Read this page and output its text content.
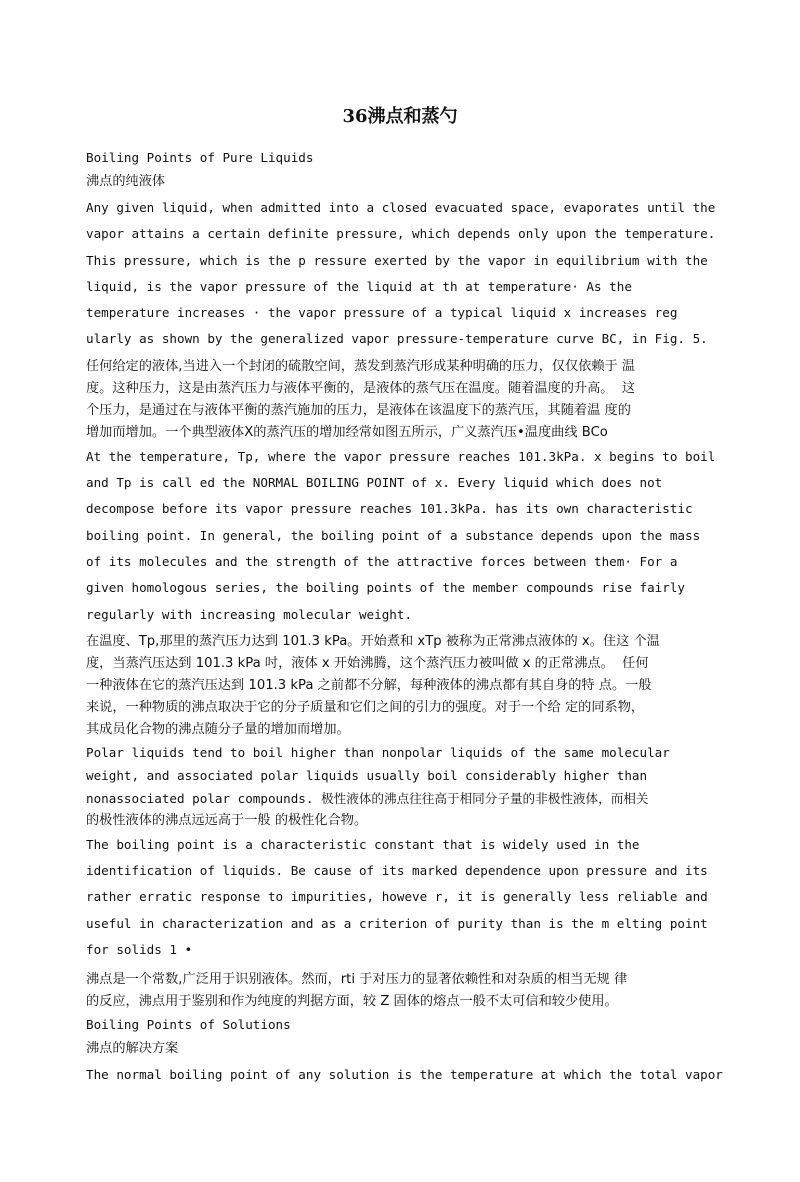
36沸点和蒸勺

Boiling Points of Pure Liquids

沸点的纯液体

Any given liquid, when admitted into a closed evacuated space, evaporates until the

vapor attains a certain definite pressure, which depends only upon the temperature.

This pressure, which is the p ressure exerted by the vapor in equilibrium with the

liquid, is the vapor pressure of the liquid at th at temperature· As the

temperature increases · the vapor pressure of a typical liquid x increases reg

ularly as shown by the generalized vapor pressure-temperature curve BC, in Fig. 5.

任何给定的液体,当进入一个封闭的硫散空间，蒸发到蒸汽形成某种明确的压力，仅仅依赖于 温

度。这种压力，这是由蒸汽压力与液体平衡的，是液体的蒸气压在温度。随着温度的升高。  这

个压力，是通过在与液体平衡的蒸汽施加的压力，是液体在该温度下的蒸汽压，其随着温 度的

增加而增加。一个典型液体X的蒸汽压的增加经常如图五所示，广义蒸汽压•温度曲线 BCo

At the temperature, Tp, where the vapor pressure reaches 101.3kPa. x begins to boil

and Tp is call ed the NORMAL BOILING POINT of x. Every liquid which does not

decompose before its vapor pressure reaches 101.3kPa. has its own characteristic

boiling point. In general, the boiling point of a substance depends upon the mass

of its molecules and the strength of the attractive forces between them· For a

given homologous series, the boiling points of the member compounds rise fairly

regularly with increasing molecular weight.

在温度、Tp,那里的蒸汽压力达到 101.3 kPa。开始煮和 xTp 被称为正常沸点液体的 x。住这 个温

度，当蒸汽压达到 101.3 kPa 吋，液体 x 开始沸腾，这个蒸汽压力被叫做 x 的正常沸点。  任何

一种液体在它的蒸汽压达到 101.3 kPa 之前都不分解，每种液体的沸点都有其自身的特 点。一般

来说，一种物质的沸点取决于它的分子质量和它们之间的引力的强度。对于一个给 定的同系物，

其成员化合物的沸点随分子量的增加而增加。

Polar liquids tend to boil higher than nonpolar liquids of the same molecular

weight, and associated polar liquids usually boil considerably higher than

nonassociated polar compounds. 极性液体的沸点往往高于相同分子量的非极性液体，而相关

的极性液体的沸点远远高于一般 的极性化合物。

The boiling point is a characteristic constant that is widely used in the

identification of liquids. Be cause of its marked dependence upon pressure and its

rather erratic response to impurities, howeve r, it is generally less reliable and

useful in characterization and as a criterion of purity than is the m elting point

for solids 1 •

沸点是一个常数,广泛用于识别液体。然而，rti 于对压力的显著依赖性和对杂质的相当无规 律

的反应，沸点用于鉴别和作为纯度的判据方面，较 Z 固体的熔点一般不太可信和较少使用。

Boiling Points of Solutions

沸点的解决方案

The normal boiling point of any solution is the temperature at which the total vapor
